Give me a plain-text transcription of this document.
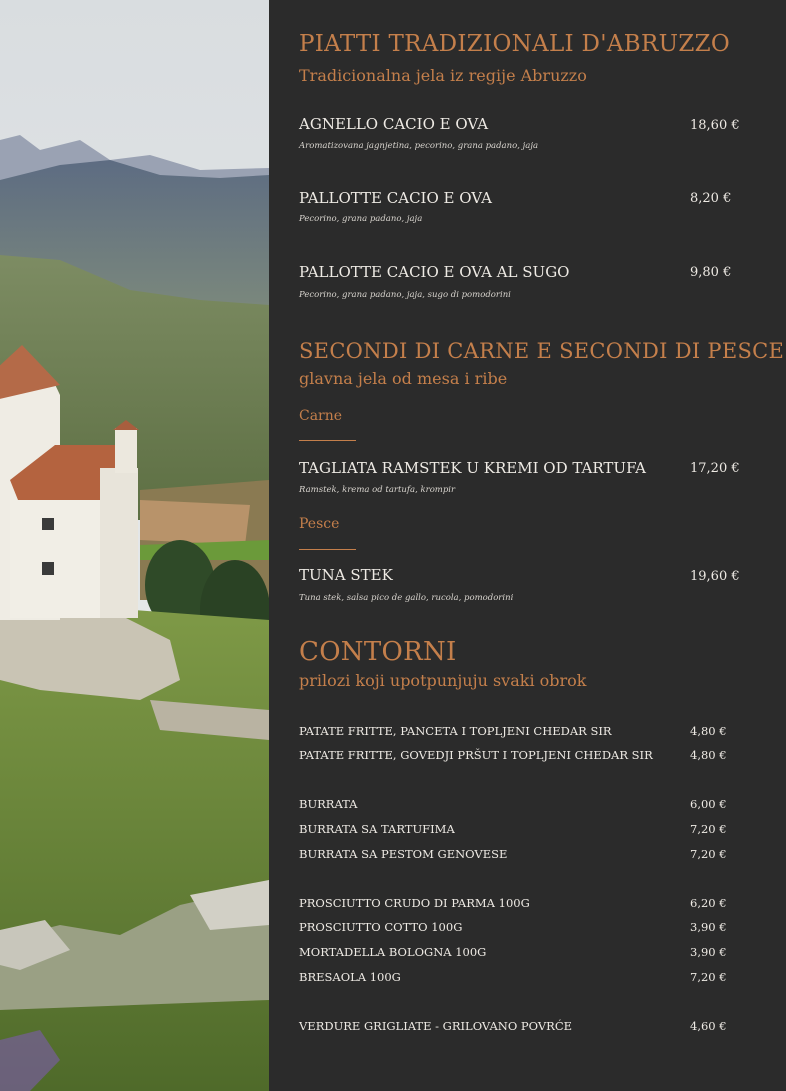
PIATTI TRADIZIONALI D'ABRUZZO
Tradicionalna jela iz regije Abruzzo
AGNELLO CACIO E OVA	18,60 €
Aromatizovana jagnjetina, pecorino, grana padano, jaja
PALLOTTE CACIO E OVA	8,20 €
Pecorino, grana padano, jaja
PALLOTTE CACIO E OVA AL SUGO	9,80 €
Pecorino, grana padano, jaja, sugo di pomodorini
SECONDI DI CARNE E SECONDI DI PESCE
glavna jela od mesa i ribe
Carne
TAGLIATA RAMSTEK U KREMI OD TARTUFA	17,20 €
Ramstek, krema od tartufa, krompir
Pesce
TUNA STEK	19,60 €
Tuna stek, salsa pico de gallo, rucola, pomodorini
CONTORNI
prilozi koji upotpunjuju svaki obrok
PATATE FRITTE, PANCETA I TOPLJENI CHEDAR SIR	4,80 €
PATATE FRITTE, GOVEDJI PRŠUT I TOPLJENI CHEDAR SIR	4,80 €
BURRATA	6,00 €
BURRATA SA TARTUFIMA	7,20 €
BURRATA SA PESTOM GENOVESE	7,20 €
PROSCIUTTO CRUDO DI PARMA 100G	6,20 €
PROSCIUTTO COTTO 100G	3,90 €
MORTADELLA BOLOGNA 100G	3,90 €
BRESAOLA 100G	7,20 €
VERDURE GRIGLIATE - GRILOVANO POVRĆE	4,60 €
